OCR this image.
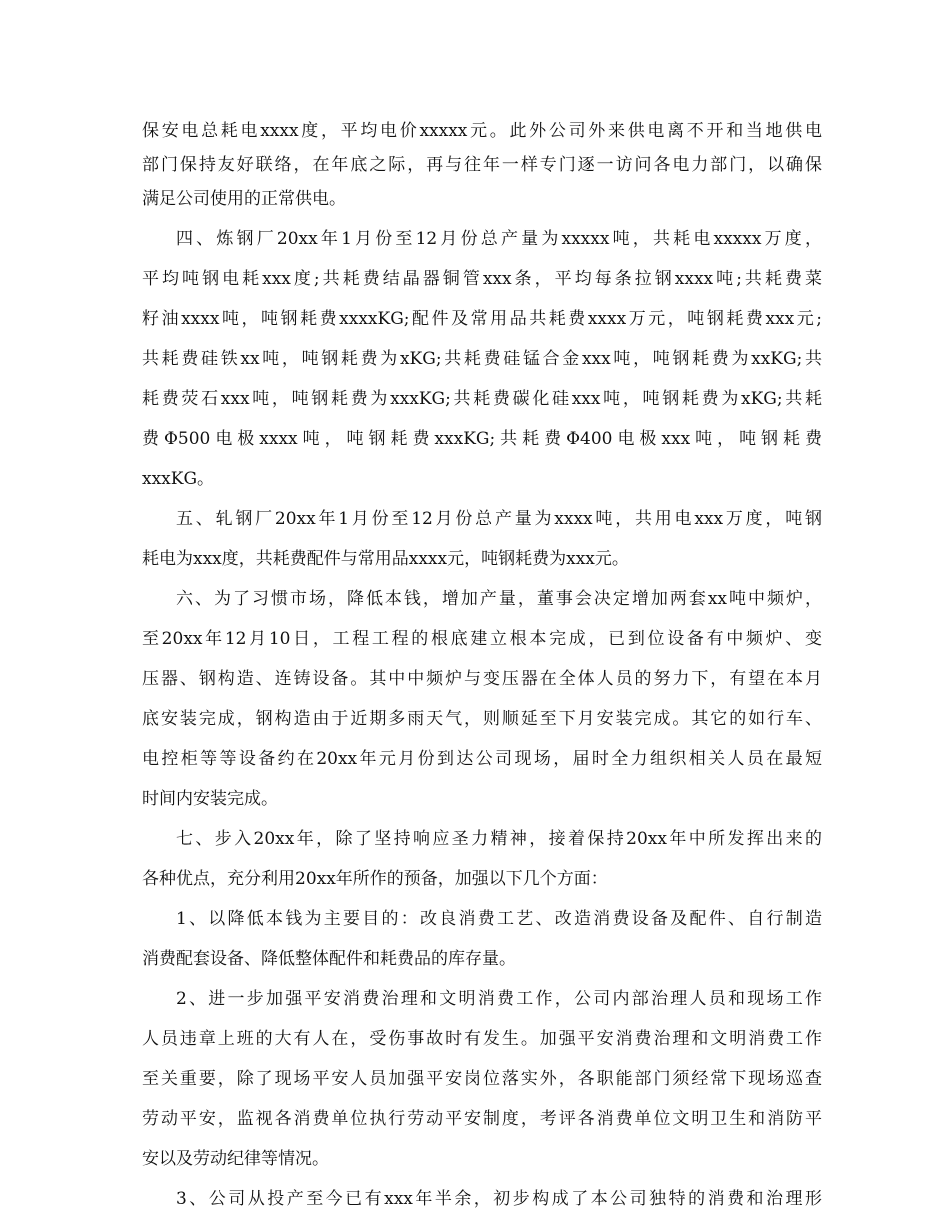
保安电总耗电xxxx度，平均电价xxxxx元。此外公司外来供电离不开和当地供电
部门保持友好联络，在年底之际，再与往年一样专门逐一访问各电力部门，以确保
满足公司使用的正常供电。
四、炼钢厂20xx年1月份至12月份总产量为xxxxx吨，共耗电xxxxx万度，
平均吨钢电耗xxx度;共耗费结晶器铜管xxx条，平均每条拉钢xxxx吨;共耗费菜
籽油xxxx吨，吨钢耗费xxxxKG;配件及常用品共耗费xxxx万元，吨钢耗费xxx元;
共耗费硅铁xx吨，吨钢耗费为xKG;共耗费硅锰合金xxx吨，吨钢耗费为xxKG;共
耗费荧石xxx吨，吨钢耗费为xxxKG;共耗费碳化硅xxx吨，吨钢耗费为xKG;共耗
费Φ500电极xxxx吨，吨钢耗费xxxKG;共耗费Φ400电极xxx吨，吨钢耗费
xxxKG。
五、轧钢厂20xx年1月份至12月份总产量为xxxx吨，共用电xxx万度，吨钢
耗电为xxx度，共耗费配件与常用品xxxx元，吨钢耗费为xxx元。
六、为了习惯市场，降低本钱，增加产量，董事会决定增加两套xx吨中频炉，
至20xx年12月10日，工程工程的根底建立根本完成，已到位设备有中频炉、变
压器、钢构造、连铸设备。其中中频炉与变压器在全体人员的努力下，有望在本月
底安装完成，钢构造由于近期多雨天气，则顺延至下月安装完成。其它的如行车、
电控柜等等设备约在20xx年元月份到达公司现场，届时全力组织相关人员在最短
时间内安装完成。
七、步入20xx年，除了坚持响应圣力精神，接着保持20xx年中所发挥出来的
各种优点，充分利用20xx年所作的预备，加强以下几个方面：
1、以降低本钱为主要目的：改良消费工艺、改造消费设备及配件、自行制造
消费配套设备、降低整体配件和耗费品的库存量。
2、进一步加强平安消费治理和文明消费工作，公司内部治理人员和现场工作
人员违章上班的大有人在，受伤事故时有发生。加强平安消费治理和文明消费工作
至关重要，除了现场平安人员加强平安岗位落实外，各职能部门须经常下现场巡查
劳动平安，监视各消费单位执行劳动平安制度，考评各消费单位文明卫生和消防平
安以及劳动纪律等情况。
3、公司从投产至今已有xxx年半余，初步构成了本公司独特的消费和治理形
